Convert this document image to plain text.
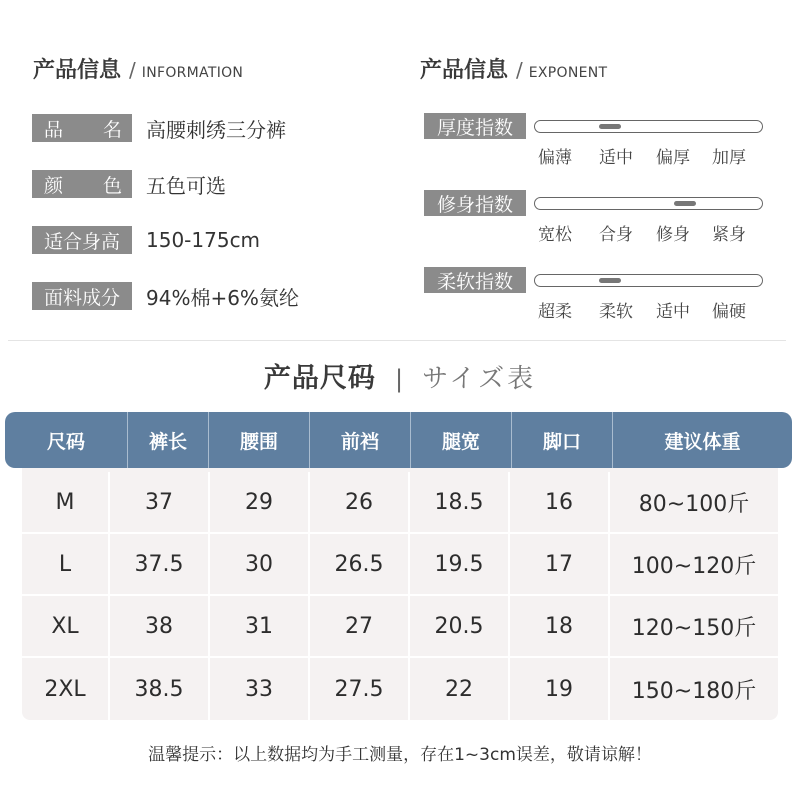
产品信息 / INFORMATION	产品信息 / EXPONENT
品 名 高腰刺绣三分裤
颜 色 五色可选
适合身高	150-175cm
面料成分	94%棉+6%氨纶
厚度指数
偏薄 适中 偏厚 加厚
修身指数
宽松 合身 修身 紧身
柔软指数
超柔 柔软 适中 偏硬
产品尺码 | サイズ表
尺码	裤长	腰围	前裆	腿宽	脚口	建议体重
M	37	29	26	18.5	16	80~100斤
L	37.5	30	26.5	19.5	17	100~120斤
XL	38	31	27	20.5	18	120~150斤
2XL	38.5	33	27.5	22	19	150~180斤
温馨提示：以上数据均为手工测量，存在1~3cm误差，敬请谅解！
